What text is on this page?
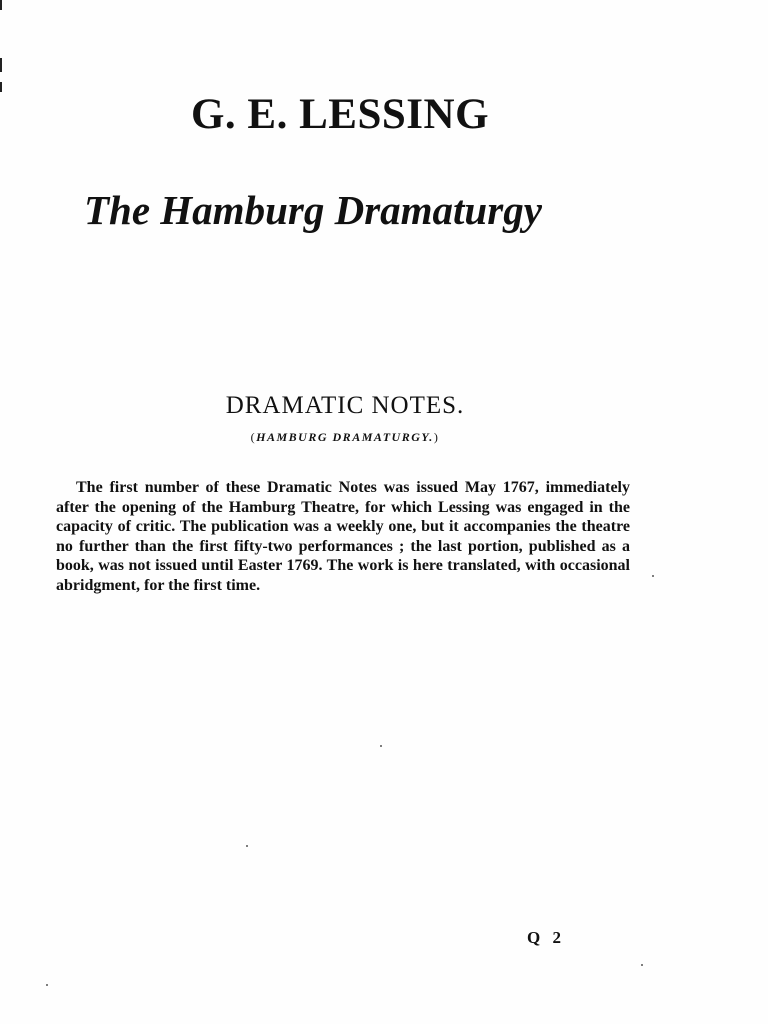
G. E. LESSING
The Hamburg Dramaturgy
DRAMATIC NOTES.
(HAMBURG DRAMATURGY.)

The first number of these Dramatic Notes was issued May 1767, immediately after the opening of the Hamburg Theatre, for which Lessing was engaged in the capacity of critic. The publication was a weekly one, but it accompanies the theatre no further than the first fifty-two performances ; the last portion, published as a book, was not issued until Easter 1769. The work is here translated, with occasional abridgment, for the first time.

Q 2
